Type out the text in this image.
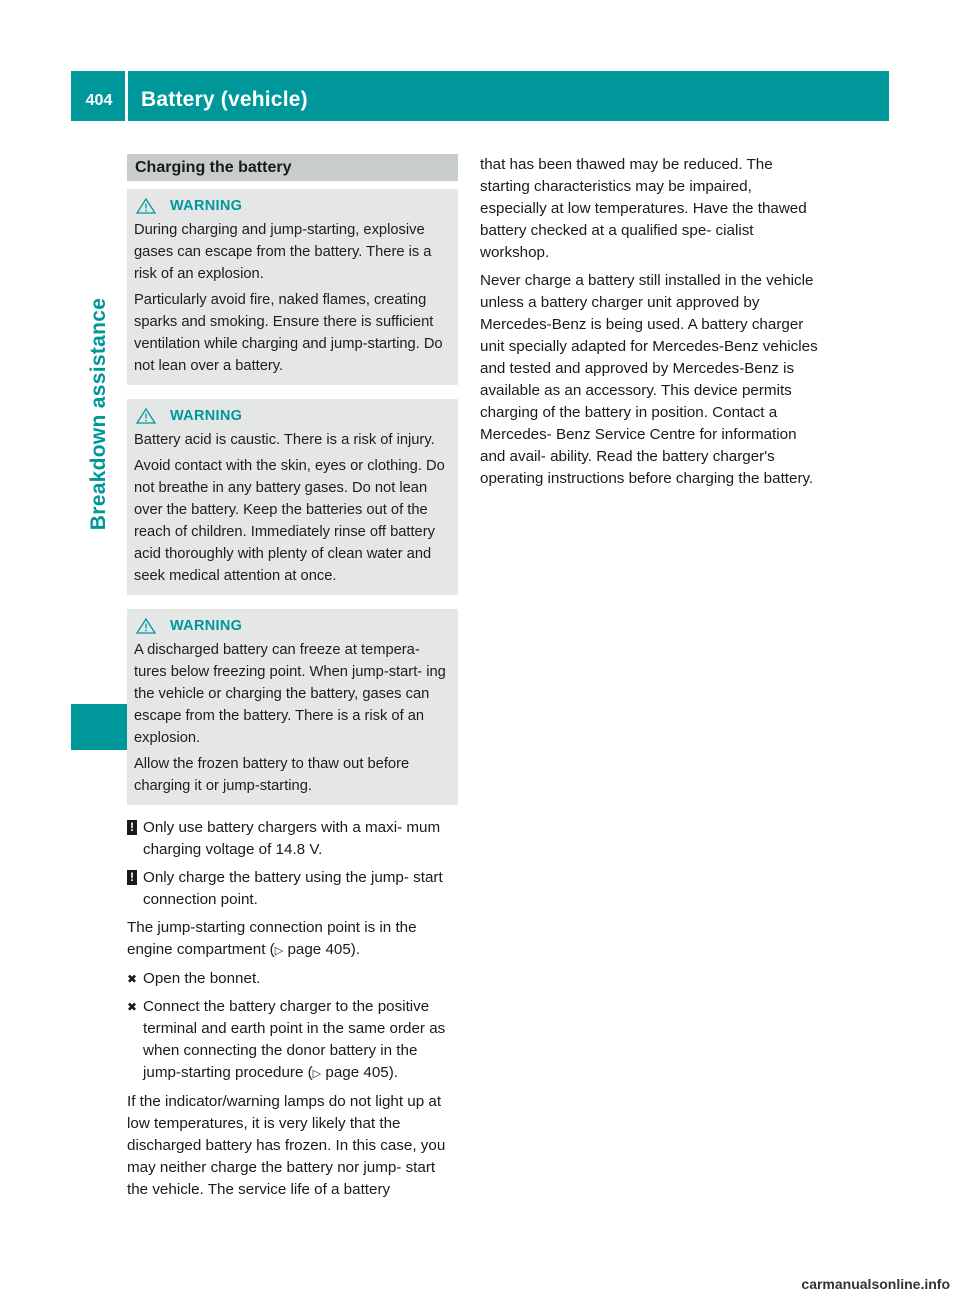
404	Battery (vehicle)
Breakdown assistance
Charging the battery
WARNING

During charging and jump-starting, explosive gases can escape from the battery. There is a risk of an explosion.

Particularly avoid fire, naked flames, creating sparks and smoking. Ensure there is sufficient ventilation while charging and jump-starting. Do not lean over a battery.

WARNING

Battery acid is caustic. There is a risk of injury.

Avoid contact with the skin, eyes or clothing. Do not breathe in any battery gases. Do not lean over the battery. Keep the batteries out of the reach of children. Immediately rinse off battery acid thoroughly with plenty of clean water and seek medical attention at once.

WARNING

A discharged battery can freeze at tempera- tures below freezing point. When jump-start- ing the vehicle or charging the battery, gases can escape from the battery. There is a risk of an explosion.

Allow the frozen battery to thaw out before charging it or jump-starting.

! Only use battery chargers with a maxi- mum charging voltage of 14.8 V.
! Only charge the battery using the jump- start connection point.

The jump-starting connection point is in the engine compartment (▷ page 405).

✖ Open the bonnet.
✖ Connect the battery charger to the positive terminal and earth point in the same order as when connecting the donor battery in the jump-starting procedure (▷ page 405).

If the indicator/warning lamps do not light up at low temperatures, it is very likely that the discharged battery has frozen. In this case, you may neither charge the battery nor jump- start the vehicle. The service life of a battery

that has been thawed may be reduced. The starting characteristics may be impaired, especially at low temperatures. Have the thawed battery checked at a qualified spe- cialist workshop.

Never charge a battery still installed in the vehicle unless a battery charger unit approved by Mercedes-Benz is being used. A battery charger unit specially adapted for Mercedes-Benz vehicles and tested and approved by Mercedes-Benz is available as an accessory. This device permits charging of the battery in position. Contact a Mercedes- Benz Service Centre for information and avail- ability. Read the battery charger's operating instructions before charging the battery.

carmanualsonline.info
